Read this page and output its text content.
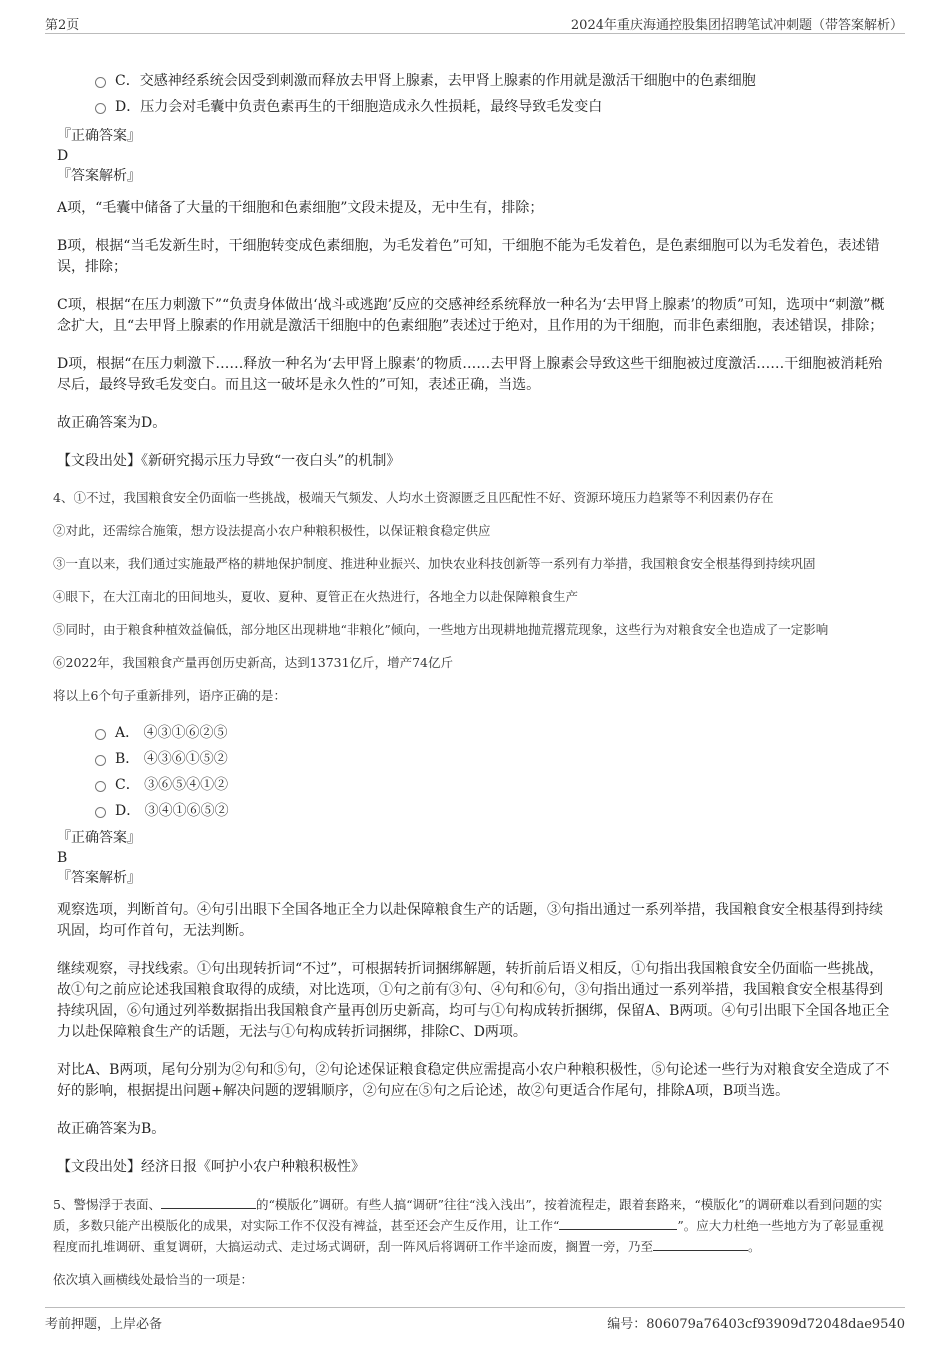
第2页	2024年重庆海通控股集团招聘笔试冲刺题（带答案解析）
C．交感神经系统会因受到刺激而释放去甲肾上腺素，去甲肾上腺素的作用就是激活干细胞中的色素细胞
D．压力会对毛囊中负责色素再生的干细胞造成永久性损耗，最终导致毛发变白
『正确答案』
D
『答案解析』

A项，“毛囊中储备了大量的干细胞和色素细胞”文段未提及，无中生有，排除；

B项，根据“当毛发新生时，干细胞转变成色素细胞，为毛发着色”可知，干细胞不能为毛发着色，是色素细胞可以为毛发着色，表述错误，排除；

C项，根据“在压力刺激下”“负责身体做出‘战斗或逃跑’反应的交感神经系统释放一种名为‘去甲肾上腺素’的物质”可知，选项中“刺激”概念扩大，且“去甲肾上腺素的作用就是激活干细胞中的色素细胞”表述过于绝对，且作用的为干细胞，而非色素细胞，表述错误，排除；

D项，根据“在压力刺激下……释放一种名为‘去甲肾上腺素’的物质……去甲肾上腺素会导致这些干细胞被过度激活……干细胞被消耗殆尽后，最终导致毛发变白。而且这一破坏是永久性的”可知，表述正确，当选。

故正确答案为D。

【文段出处】《新研究揭示压力导致“一夜白头”的机制》

4、①不过，我国粮食安全仍面临一些挑战，极端天气频发、人均水土资源匮乏且匹配性不好、资源环境压力趋紧等不利因素仍存在

②对此，还需综合施策，想方设法提高小农户种粮积极性，以保证粮食稳定供应

③一直以来，我们通过实施最严格的耕地保护制度、推进种业振兴、加快农业科技创新等一系列有力举措，我国粮食安全根基得到持续巩固

④眼下，在大江南北的田间地头，夏收、夏种、夏管正在火热进行，各地全力以赴保障粮食生产

⑤同时，由于粮食种植效益偏低，部分地区出现耕地“非粮化”倾向，一些地方出现耕地抛荒撂荒现象，这些行为对粮食安全也造成了一定影响

⑥2022年，我国粮食产量再创历史新高，达到13731亿斤，增产74亿斤

将以上6个句子重新排列，语序正确的是：

A． ④③①⑥②⑤
B． ④③⑥①⑤②
C． ③⑥⑤④①②
D． ③④①⑥⑤②
『正确答案』
B
『答案解析』

观察选项，判断首句。④句引出眼下全国各地正全力以赴保障粮食生产的话题，③句指出通过一系列举措，我国粮食安全根基得到持续巩固，均可作首句，无法判断。

继续观察，寻找线索。①句出现转折词“不过”，可根据转折词捆绑解题，转折前后语义相反，①句指出我国粮食安全仍面临一些挑战，故①句之前应论述我国粮食取得的成绩，对比选项，①句之前有③句、④句和⑥句，③句指出通过一系列举措，我国粮食安全根基得到持续巩固，⑥句通过列举数据指出我国粮食产量再创历史新高，均可与①句构成转折捆绑，保留A、B两项。④句引出眼下全国各地正全力以赴保障粮食生产的话题，无法与①句构成转折词捆绑，排除C、D两项。

对比A、B两项，尾句分别为②句和⑤句，②句论述保证粮食稳定供应需提高小农户种粮积极性，⑤句论述一些行为对粮食安全造成了不好的影响，根据提出问题+解决问题的逻辑顺序，②句应在⑤句之后论述，故②句更适合作尾句，排除A项，B项当选。

故正确答案为B。

【文段出处】经济日报《呵护小农户种粮积极性》

5、警惕浮于表面、	的“模版化”调研。有些人搞“调研”往往“浅入浅出”，按着流程走，跟着套路来，“模版化”的调研难以看到问题的实质，多数只能产出模版化的成果，对实际工作不仅没有裨益，甚至还会产生反作用，让工作“	”。应大力杜绝一些地方为了彰显重视程度而扎堆调研、重复调研，大搞运动式、走过场式调研，刮一阵风后将调研工作半途而废，搁置一旁，乃至	。

依次填入画横线处最恰当的一项是：

考前押题，上岸必备	编号：806079a76403cf93909d72048dae9540
